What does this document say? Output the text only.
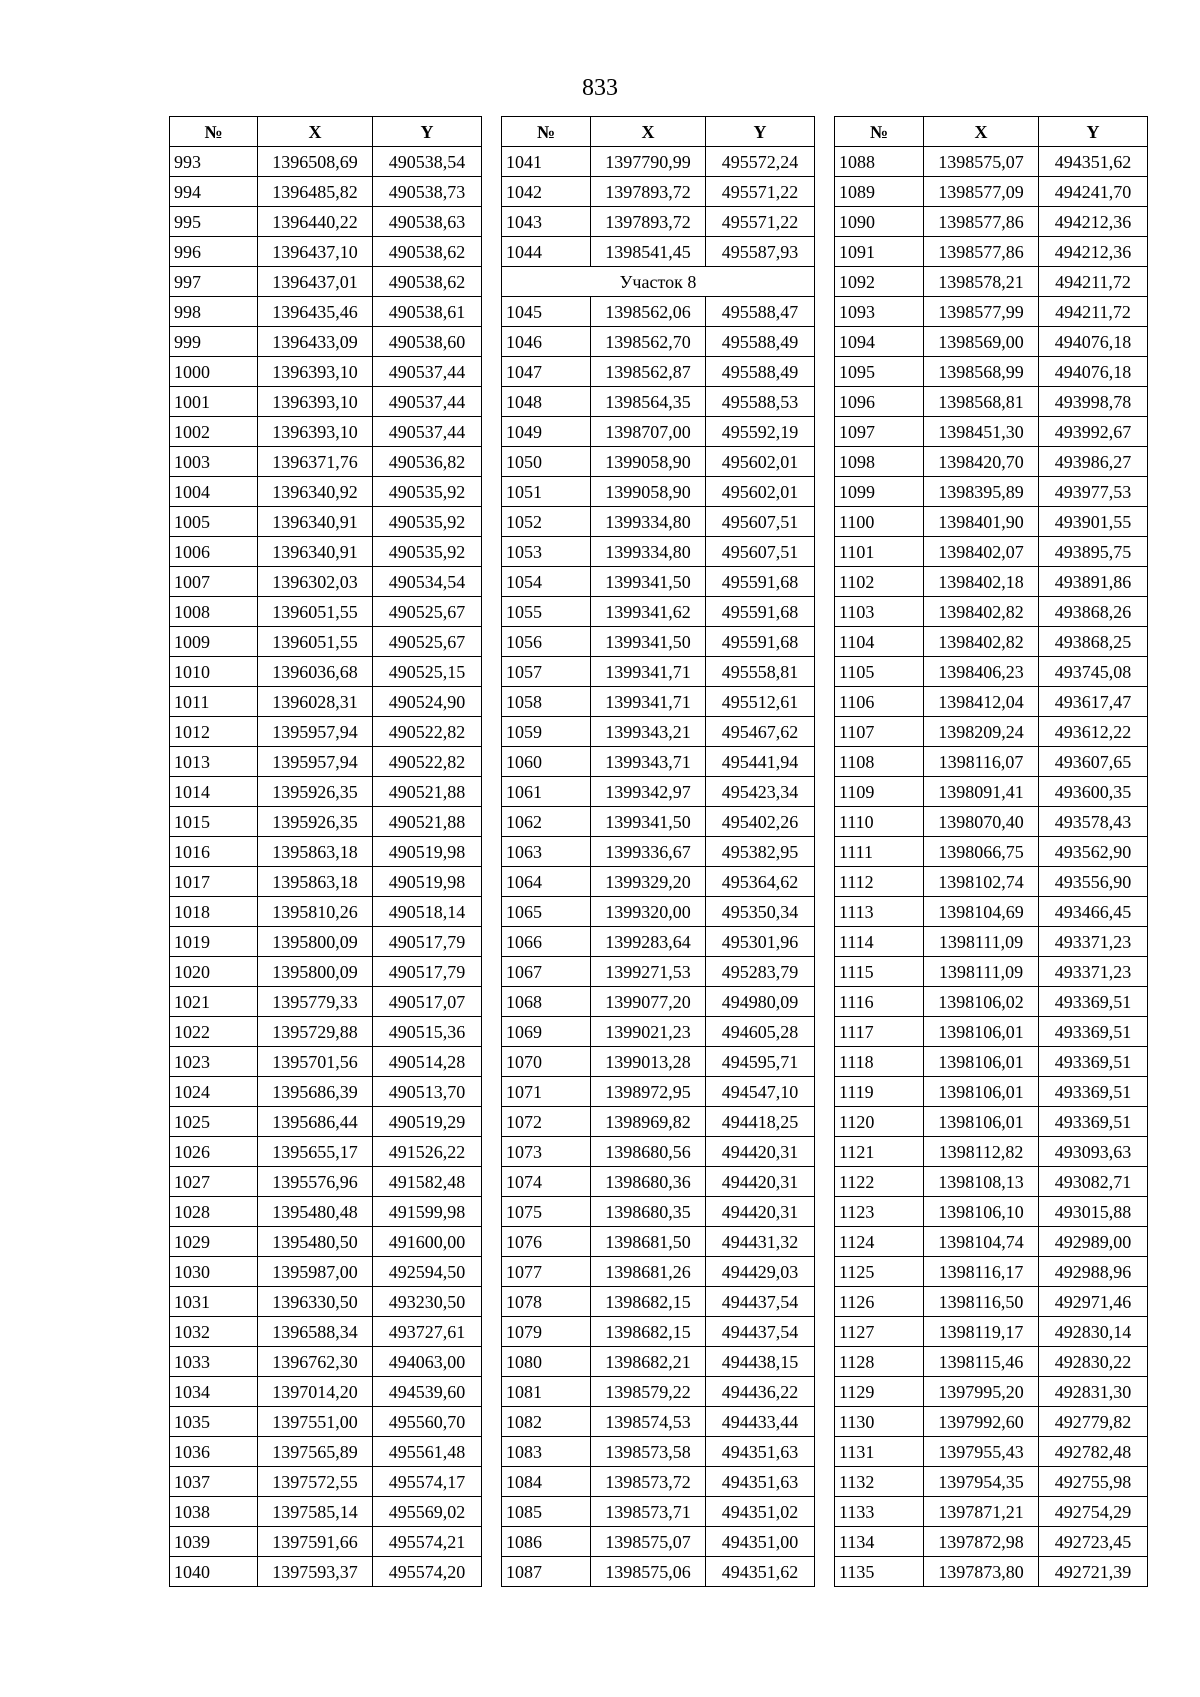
833
№	X	Y
993	1396508,69	490538,54
994	1396485,82	490538,73
995	1396440,22	490538,63
996	1396437,10	490538,62
997	1396437,01	490538,62
998	1396435,46	490538,61
999	1396433,09	490538,60
1000	1396393,10	490537,44
1001	1396393,10	490537,44
1002	1396393,10	490537,44
1003	1396371,76	490536,82
1004	1396340,92	490535,92
1005	1396340,91	490535,92
1006	1396340,91	490535,92
1007	1396302,03	490534,54
1008	1396051,55	490525,67
1009	1396051,55	490525,67
1010	1396036,68	490525,15
1011	1396028,31	490524,90
1012	1395957,94	490522,82
1013	1395957,94	490522,82
1014	1395926,35	490521,88
1015	1395926,35	490521,88
1016	1395863,18	490519,98
1017	1395863,18	490519,98
1018	1395810,26	490518,14
1019	1395800,09	490517,79
1020	1395800,09	490517,79
1021	1395779,33	490517,07
1022	1395729,88	490515,36
1023	1395701,56	490514,28
1024	1395686,39	490513,70
1025	1395686,44	490519,29
1026	1395655,17	491526,22
1027	1395576,96	491582,48
1028	1395480,48	491599,98
1029	1395480,50	491600,00
1030	1395987,00	492594,50
1031	1396330,50	493230,50
1032	1396588,34	493727,61
1033	1396762,30	494063,00
1034	1397014,20	494539,60
1035	1397551,00	495560,70
1036	1397565,89	495561,48
1037	1397572,55	495574,17
1038	1397585,14	495569,02
1039	1397591,66	495574,21
1040	1397593,37	495574,20
№	X	Y
1041	1397790,99	495572,24
1042	1397893,72	495571,22
1043	1397893,72	495571,22
1044	1398541,45	495587,93
Участок 8		
1045	1398562,06	495588,47
1046	1398562,70	495588,49
1047	1398562,87	495588,49
1048	1398564,35	495588,53
1049	1398707,00	495592,19
1050	1399058,90	495602,01
1051	1399058,90	495602,01
1052	1399334,80	495607,51
1053	1399334,80	495607,51
1054	1399341,50	495591,68
1055	1399341,62	495591,68
1056	1399341,50	495591,68
1057	1399341,71	495558,81
1058	1399341,71	495512,61
1059	1399343,21	495467,62
1060	1399343,71	495441,94
1061	1399342,97	495423,34
1062	1399341,50	495402,26
1063	1399336,67	495382,95
1064	1399329,20	495364,62
1065	1399320,00	495350,34
1066	1399283,64	495301,96
1067	1399271,53	495283,79
1068	1399077,20	494980,09
1069	1399021,23	494605,28
1070	1399013,28	494595,71
1071	1398972,95	494547,10
1072	1398969,82	494418,25
1073	1398680,56	494420,31
1074	1398680,36	494420,31
1075	1398680,35	494420,31
1076	1398681,50	494431,32
1077	1398681,26	494429,03
1078	1398682,15	494437,54
1079	1398682,15	494437,54
1080	1398682,21	494438,15
1081	1398579,22	494436,22
1082	1398574,53	494433,44
1083	1398573,58	494351,63
1084	1398573,72	494351,63
1085	1398573,71	494351,02
1086	1398575,07	494351,00
1087	1398575,06	494351,62
№	X	Y
1088	1398575,07	494351,62
1089	1398577,09	494241,70
1090	1398577,86	494212,36
1091	1398577,86	494212,36
1092	1398578,21	494211,72
1093	1398577,99	494211,72
1094	1398569,00	494076,18
1095	1398568,99	494076,18
1096	1398568,81	493998,78
1097	1398451,30	493992,67
1098	1398420,70	493986,27
1099	1398395,89	493977,53
1100	1398401,90	493901,55
1101	1398402,07	493895,75
1102	1398402,18	493891,86
1103	1398402,82	493868,26
1104	1398402,82	493868,25
1105	1398406,23	493745,08
1106	1398412,04	493617,47
1107	1398209,24	493612,22
1108	1398116,07	493607,65
1109	1398091,41	493600,35
1110	1398070,40	493578,43
1111	1398066,75	493562,90
1112	1398102,74	493556,90
1113	1398104,69	493466,45
1114	1398111,09	493371,23
1115	1398111,09	493371,23
1116	1398106,02	493369,51
1117	1398106,01	493369,51
1118	1398106,01	493369,51
1119	1398106,01	493369,51
1120	1398106,01	493369,51
1121	1398112,82	493093,63
1122	1398108,13	493082,71
1123	1398106,10	493015,88
1124	1398104,74	492989,00
1125	1398116,17	492988,96
1126	1398116,50	492971,46
1127	1398119,17	492830,14
1128	1398115,46	492830,22
1129	1397995,20	492831,30
1130	1397992,60	492779,82
1131	1397955,43	492782,48
1132	1397954,35	492755,98
1133	1397871,21	492754,29
1134	1397872,98	492723,45
1135	1397873,80	492721,39
